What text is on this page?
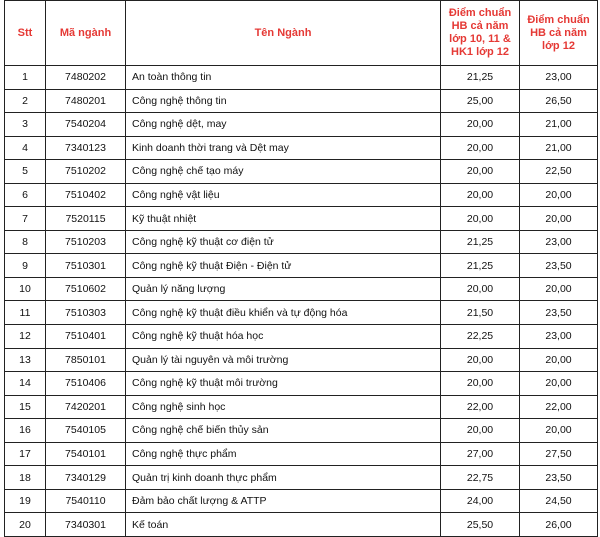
Stt	Mã ngành	Tên Ngành	Điểm chuẩn
HB cả năm
lớp 10, 11 &
HK1 lớp 12	Điểm chuẩn
HB cả năm
lớp 12

1	7480202	An toàn thông tin	21,25	23,00
2	7480201	Công nghệ thông tin	25,00	26,50
3	7540204	Công nghệ dệt, may	20,00	21,00
4	7340123	Kinh doanh thời trang và Dệt may	20,00	21,00
5	7510202	Công nghệ chế tạo máy	20,00	22,50
6	7510402	Công nghệ vật liệu	20,00	20,00
7	7520115	Kỹ thuật nhiệt	20,00	20,00
8	7510203	Công nghệ kỹ thuật cơ điện tử	21,25	23,00
9	7510301	Công nghệ kỹ thuật Điện - Điện tử	21,25	23,50
10	7510602	Quản lý năng lượng	20,00	20,00
11	7510303	Công nghệ kỹ thuật điều khiển và tự động hóa	21,50	23,50
12	7510401	Công nghệ kỹ thuật hóa học	22,25	23,00
13	7850101	Quản lý tài nguyên và môi trường	20,00	20,00
14	7510406	Công nghệ kỹ thuật môi trường	20,00	20,00
15	7420201	Công nghệ sinh học	22,00	22,00
16	7540105	Công nghệ chế biến thủy sản	20,00	20,00
17	7540101	Công nghệ thực phẩm	27,00	27,50
18	7340129	Quản trị kinh doanh thực phẩm	22,75	23,50
19	7540110	Đảm bảo chất lượng & ATTP	24,00	24,50
20	7340301	Kế toán	25,50	26,00
